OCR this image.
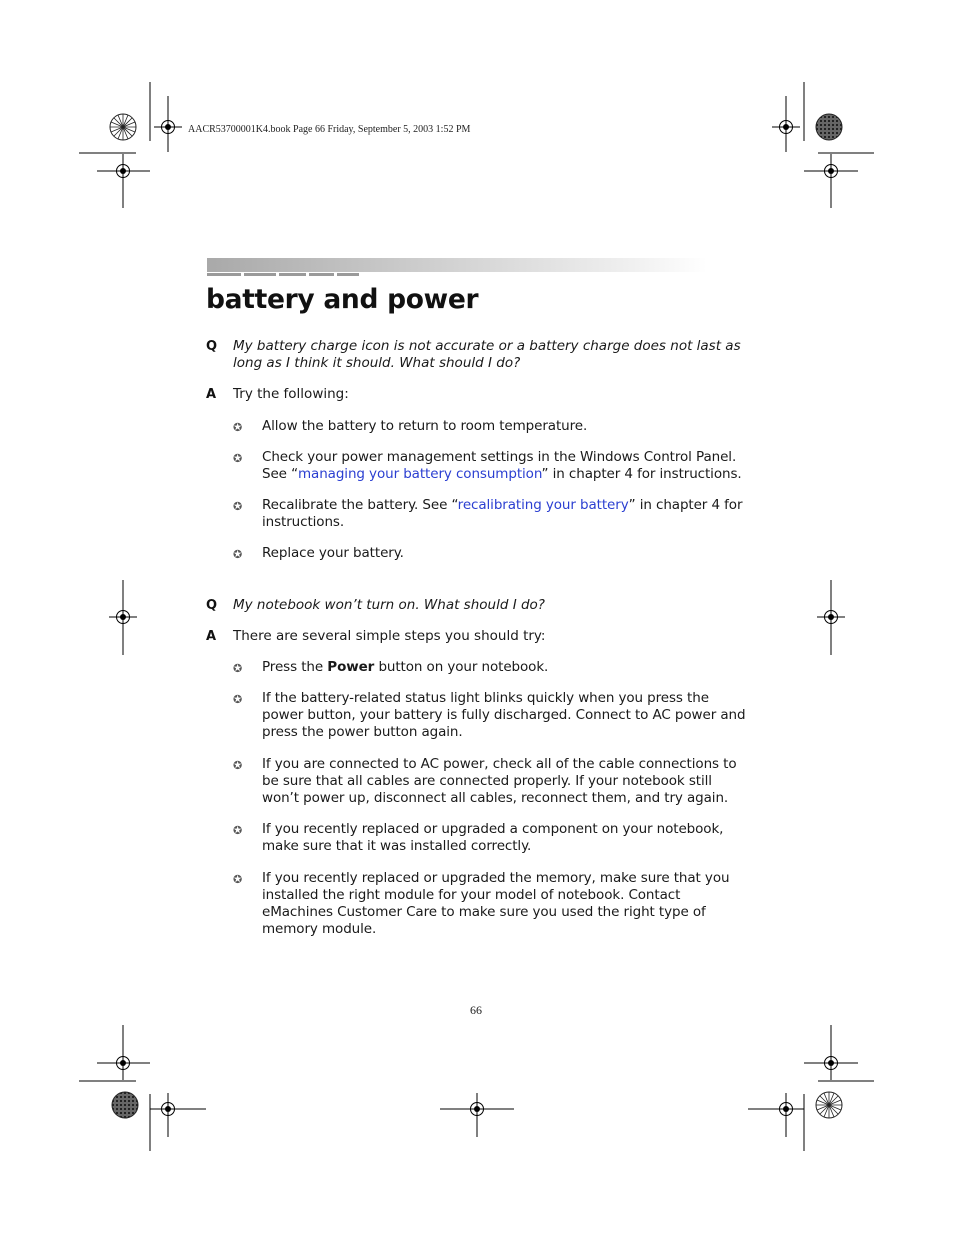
AACR53700001K4.book Page 66 Friday, September 5, 2003 1:52 PM
battery and power
Q My battery charge icon is not accurate or a battery charge does not last as long as I think it should. What should I do?
A Try the following:
✪ Allow the battery to return to room temperature.
✪ Check your power management settings in the Windows Control Panel. See “managing your battery consumption” in chapter 4 for instructions.
✪ Recalibrate the battery. See “recalibrating your battery” in chapter 4 for instructions.
✪ Replace your battery.
Q My notebook won’t turn on. What should I do?
A There are several simple steps you should try:
✪ Press the Power button on your notebook.
✪ If the battery-related status light blinks quickly when you press the power button, your battery is fully discharged. Connect to AC power and press the power button again.
✪ If you are connected to AC power, check all of the cable connections to be sure that all cables are connected properly. If your notebook still won’t power up, disconnect all cables, reconnect them, and try again.
✪ If you recently replaced or upgraded a component on your notebook, make sure that it was installed correctly.
✪ If you recently replaced or upgraded the memory, make sure that you installed the right module for your model of notebook. Contact eMachines Customer Care to make sure you used the right type of memory module.
66
